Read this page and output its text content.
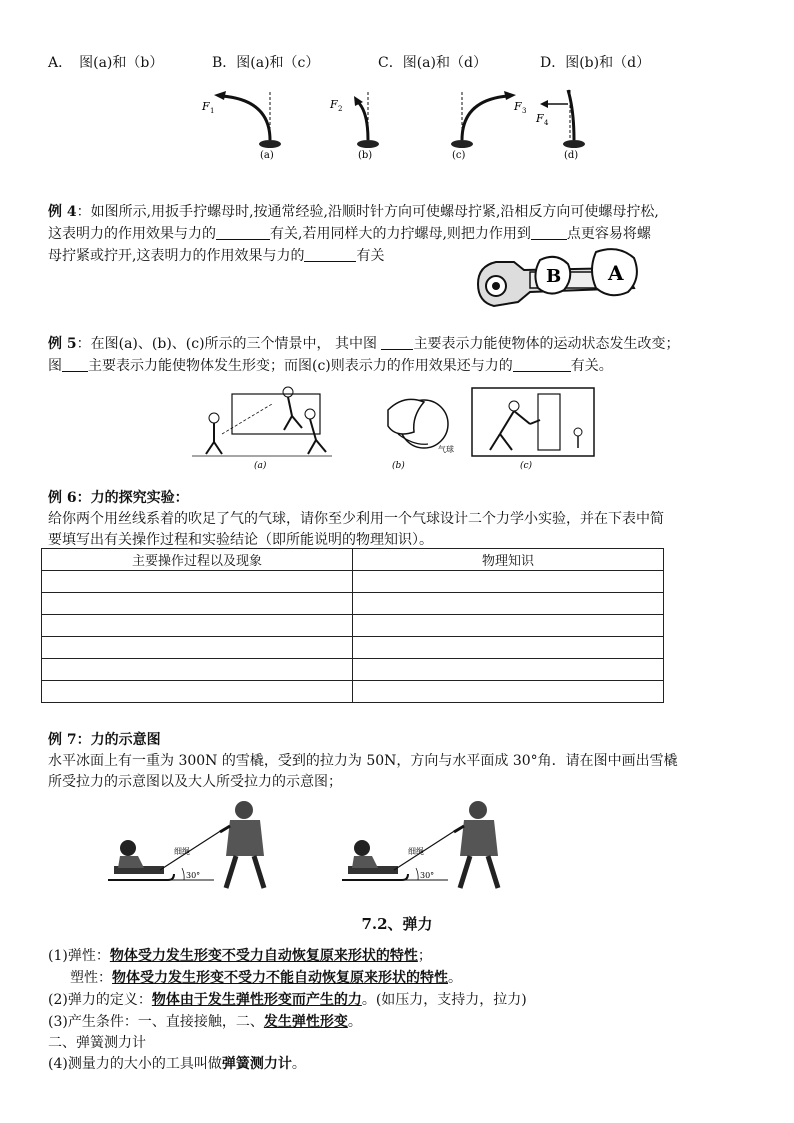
A．　图(a)和（b）	B．图(a)和（c）	C．图(a)和（d）	D．图(b)和（d）
F 1
(a)
F 2
(b)
F 3
(c)
F 4
(d)
例 4：如图所示,用扳手拧螺母时,按通常经验,沿顺时针方向可使螺母拧紧,沿相反方向可使螺母拧松,
这表明力的作用效果与力的	有关,若用同样大的力拧螺母,则把力作用到	点更容易将螺
母拧紧或拧开,这表明力的作用效果与力的	有关
B A
例 5：在图(a)、(b)、(c)所示的三个情景中， 其中图 主要表示力能使物体的运动状态发生改变；
图 主要表示力能使物体发生形变；而图(c)则表示力的作用效果还与力的	有关。
(a)
气球
(b)	(c)
例 6：力的探究实验：
给你两个用丝线系着的吹足了气的气球，请你至少利用一个气球设计二个力学小实验，并在下表中简
要填写出有关操作过程和实验结论（即所能说明的物理知识）。
主要操作过程以及现象	物理知识

例 7：力的示意图
水平冰面上有一重为 300N 的雪橇，受到的拉力为 50N，方向与水平面成 30°角．请在图中画出雪橇
所受拉力的示意图以及大人所受拉力的示意图；
30°
细绳
30°
细绳
7.2、弹力
(1)弹性：物体受力发生形变不受力自动恢复原来形状的特性；
塑性：物体受力发生形变不受力不能自动恢复原来形状的特性。
(2)弹力的定义：物体由于发生弹性形变而产生的力。(如压力，支持力，拉力)
(3)产生条件：一、直接接触，二、发生弹性形变。
二、弹簧测力计
(4)测量力的大小的工具叫做弹簧测力计。
